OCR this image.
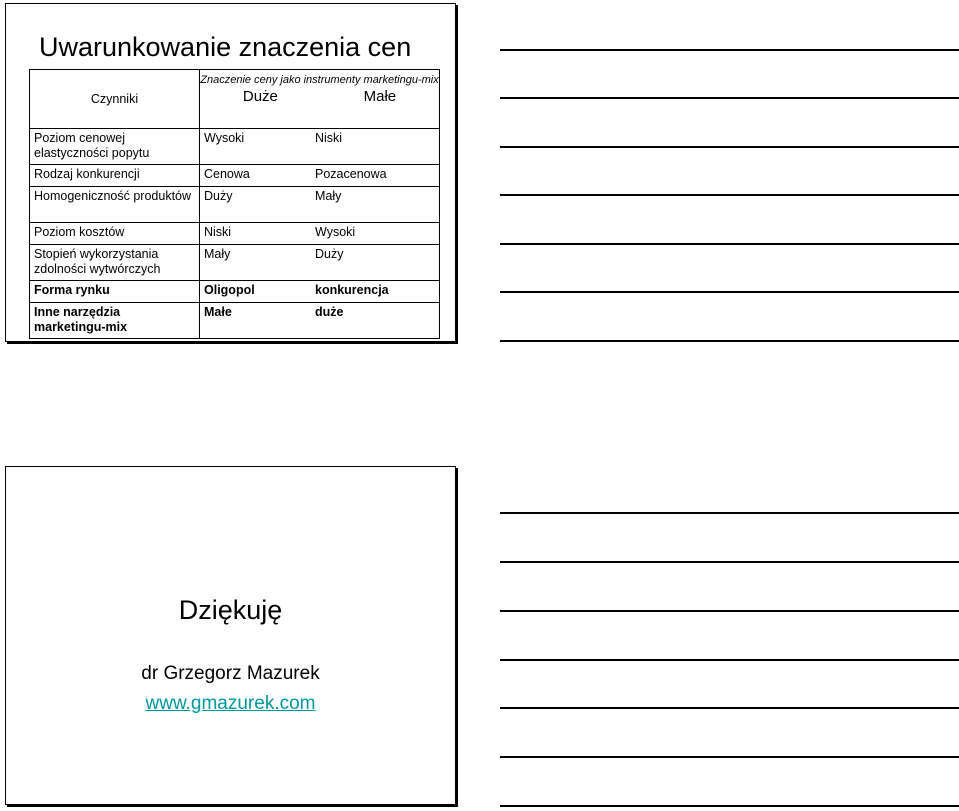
Uwarunkowanie znaczenia cen
Czynniki	Znaczenie ceny jako instrumenty marketingu-mix
Duże Małe	

Poziom cenowej elastyczności popytu	Wysoki	Niski
Rodzaj konkurencji	Cenowa	Pozacenowa
Homogeniczność produktów	Duży	Mały
Poziom kosztów	Niski	Wysoki
Stopień wykorzystania zdolności wytwórczych	Mały	Duży
Forma rynku	Oligopol	konkurencja
Inne narzędzia marketingu-mix	Małe	duże
Dziękuję
dr Grzegorz Mazurek
www.gmazurek.com
